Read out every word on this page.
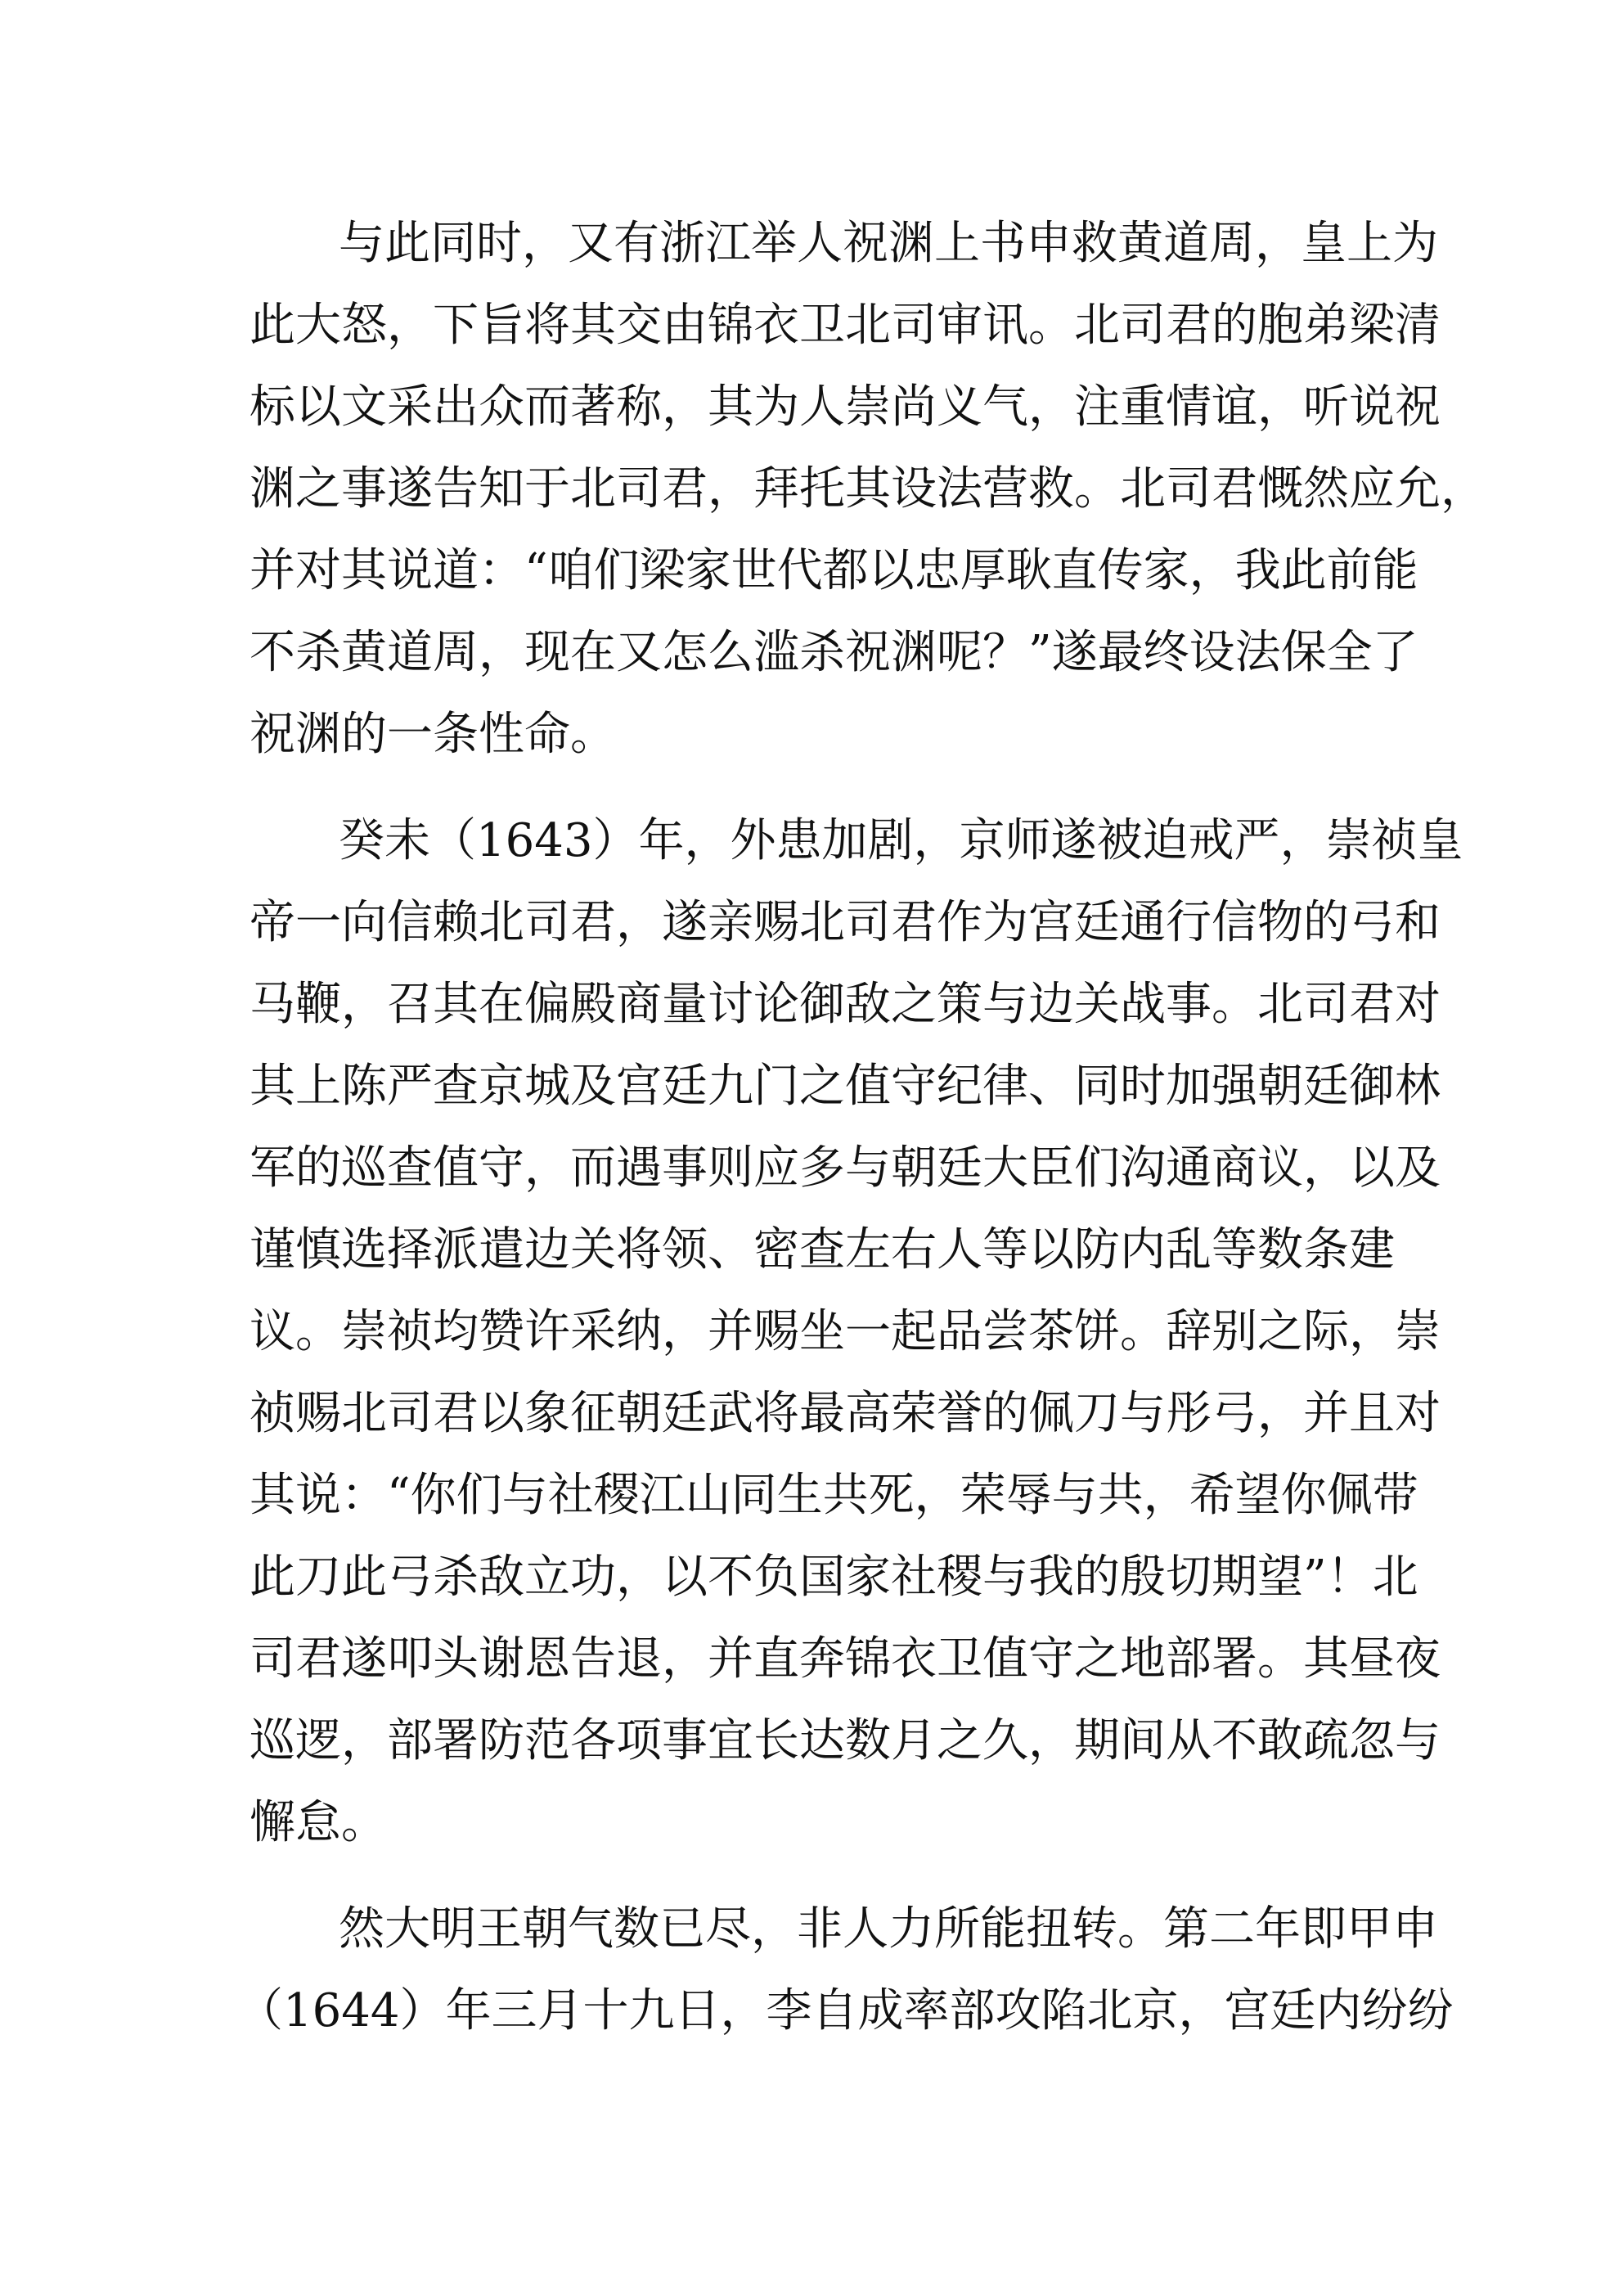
与此同时，又有浙江举人祝渊上书申救黄道周，皇上为
此大怒，下旨将其交由锦衣卫北司审讯。北司君的胞弟梁清
标以文采出众而著称，其为人崇尚义气，注重情谊，听说祝
渊之事遂告知于北司君，拜托其设法营救。北司君慨然应允，
并对其说道：“咱们梁家世代都以忠厚耿直传家，我此前能
不杀黄道周，现在又怎么滥杀祝渊呢？”遂最终设法保全了
祝渊的一条性命。
癸未（1643）年，外患加剧，京师遂被迫戒严，崇祯皇
帝一向信赖北司君，遂亲赐北司君作为宫廷通行信物的弓和
马鞭，召其在偏殿商量讨论御敌之策与边关战事。北司君对
其上陈严查京城及宫廷九门之值守纪律、同时加强朝廷御林
军的巡查值守，而遇事则应多与朝廷大臣们沟通商议，以及
谨慎选择派遣边关将领、密查左右人等以防内乱等数条建
议。崇祯均赞许采纳，并赐坐一起品尝茶饼。辞别之际，崇
祯赐北司君以象征朝廷武将最高荣誉的佩刀与彤弓，并且对
其说：“你们与社稷江山同生共死，荣辱与共，希望你佩带
此刀此弓杀敌立功，以不负国家社稷与我的殷切期望”！北
司君遂叩头谢恩告退，并直奔锦衣卫值守之地部署。其昼夜
巡逻，部署防范各项事宜长达数月之久，期间从不敢疏忽与
懈怠。
然大明王朝气数已尽，非人力所能扭转。第二年即甲申
（1644）年三月十九日，李自成率部攻陷北京，宫廷内纷纷
